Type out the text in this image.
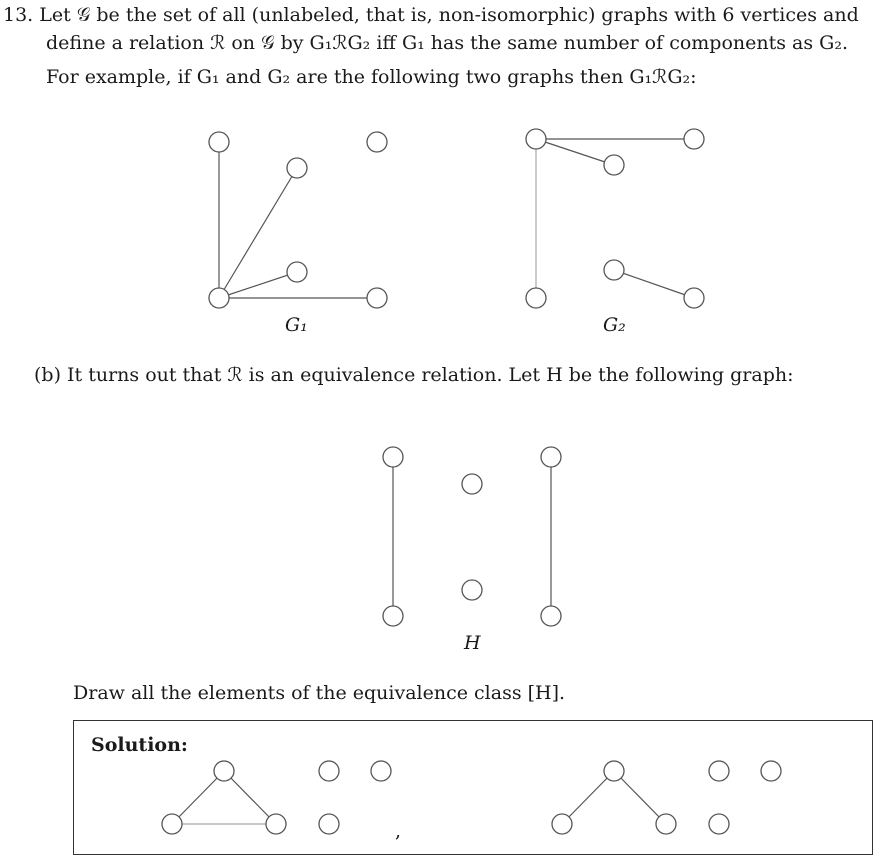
13. Let 𝒢 be the set of all (unlabeled, that is, non-isomorphic) graphs with 6 vertices and
define a relation ℛ on 𝒢 by G₁ℛG₂ iff G₁ has the same number of components as G₂.
For example, if G₁ and G₂ are the following two graphs then G₁ℛG₂:
G₁	G₂
(b) It turns out that ℛ is an equivalence relation. Let H be the following graph:
H
Draw all the elements of the equivalence class [H].
Solution:
,
